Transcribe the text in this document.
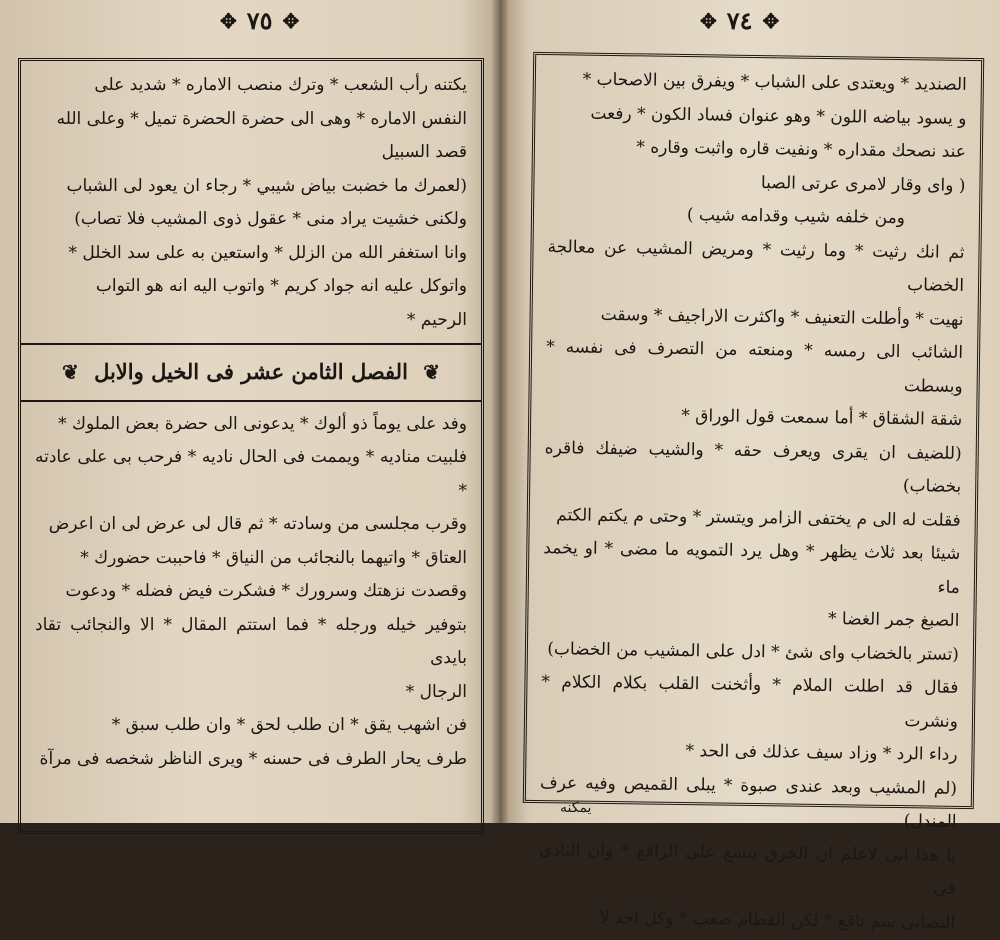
✥ ٧٥ ✥

يكتنه رأب الشعب * وترك منصب الاماره * شديد على

النفس الاماره * وهى الى حضرة الحضرة تميل * وعلى الله

قصد السبيل

(لعمرك ما خضبت بياض شيبي * رجاء ان يعود لى الشباب

ولكنى خشيت يراد منى * عقول ذوى المشيب فلا تصاب)

وانا استغفر الله من الزلل * واستعين به على سد الخلل *

واتوكل عليه انه جواد كريم * واتوب اليه انه هو التواب

الرحيم *

❦ الفصل الثامن عشر فى الخيل والابل ❦

وفد على يوماً ذو ألوك * يدعونى الى حضرة بعض الملوك *

فلبيت مناديه * ويممت فى الحال ناديه * فرحب بى على عادته *

وقرب مجلسى من وسادته * ثم قال لى عرض لى ان اعرض

العتاق * واتيهما بالنجائب من النياق * فاحببت حضورك *

وقصدت نزهتك وسرورك * فشكرت فيض فضله * ودعوت

بتوفير خيله ورجله * فما استتم المقال * الا والنجائب تقاد بايدى

الرجال *

فن اشهب يقق * ان طلب لحق * وان طلب سبق *

طرف يحار الطرف فى حسنه * ويرى الناظر شخصه فى مرآة

✥ ٧٤ ✥

الصنديد * ويعتدى على الشباب * ويفرق بين الاصحاب *

و يسود بياضه اللون * وهو عنوان فساد الكون * رفعت

عند نصحك مقداره * ونفيت قاره واثبت وقاره *

( وای وقار لامری عرتی الصبا

ومن خلفه شیب وقدامه شیب )

ثم انك رثيت * وما رثيت * ومريض المشيب عن معالجة الخضاب

نهيت * وأطلت التعنيف * واكثرت الاراجيف * وسقت

الشائب الى رمسه * ومنعته من التصرف فى نفسه * وبسطت

شقة الشقاق * أما سمعت قول الوراق *

(للضيف ان يقرى ويعرف حقه * والشيب ضيفك فاقره بخضاب)

فقلت له الى م يختفى الزامر ويتستر * وحتى م يكتم الكتم

شيئا بعد ثلاث يظهر * وهل يرد التمويه ما مضى * او يخمد ماء

الصبغ جمر الغضا *

(تستر بالخضاب وای شئ * ادل على المشيب من الخضاب)

فقال قد اطلت الملام * وأثخنت القلب بكلام الكلام * ونشرت

رداء الرد * وزاد سيف عذلك فى الحد *

(لم المشيب وبعد عندى صبوة * يبلى القميص وفيه عرف المندل)

يا هذا انى لاعلم ان الخرق يتسع على الراقع * وان النادى فى

التصابى سم ناقع * لكن الفطام صعب * وكل احد لا

يمكنه
